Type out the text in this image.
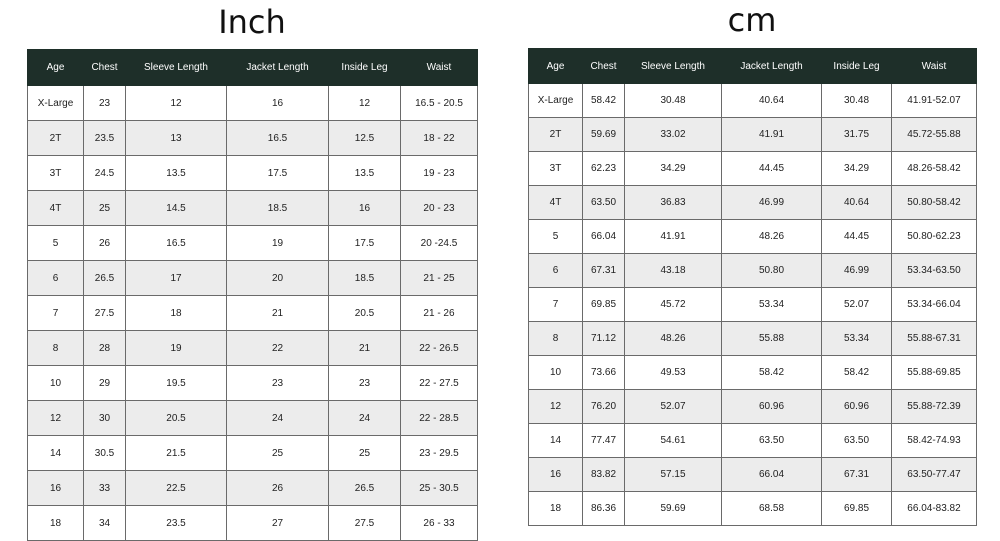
Inch
Age	Chest	Sleeve Length	Jacket Length	Inside Leg	Waist
X-Large	23	12	16	12	16.5 - 20.5
2T	23.5	13	16.5	12.5	18 - 22
3T	24.5	13.5	17.5	13.5	19 - 23
4T	25	14.5	18.5	16	20 - 23
5	26	16.5	19	17.5	20 -24.5
6	26.5	17	20	18.5	21 - 25
7	27.5	18	21	20.5	21 - 26
8	28	19	22	21	22 - 26.5
10	29	19.5	23	23	22 - 27.5
12	30	20.5	24	24	22 - 28.5
14	30.5	21.5	25	25	23 - 29.5
16	33	22.5	26	26.5	25 - 30.5
18	34	23.5	27	27.5	26 - 33
cm
Age	Chest	Sleeve Length	Jacket Length	Inside Leg	Waist
X-Large	58.42	30.48	40.64	30.48	41.91-52.07
2T	59.69	33.02	41.91	31.75	45.72-55.88
3T	62.23	34.29	44.45	34.29	48.26-58.42
4T	63.50	36.83	46.99	40.64	50.80-58.42
5	66.04	41.91	48.26	44.45	50.80-62.23
6	67.31	43.18	50.80	46.99	53.34-63.50
7	69.85	45.72	53.34	52.07	53.34-66.04
8	71.12	48.26	55.88	53.34	55.88-67.31
10	73.66	49.53	58.42	58.42	55.88-69.85
12	76.20	52.07	60.96	60.96	55.88-72.39
14	77.47	54.61	63.50	63.50	58.42-74.93
16	83.82	57.15	66.04	67.31	63.50-77.47
18	86.36	59.69	68.58	69.85	66.04-83.82
